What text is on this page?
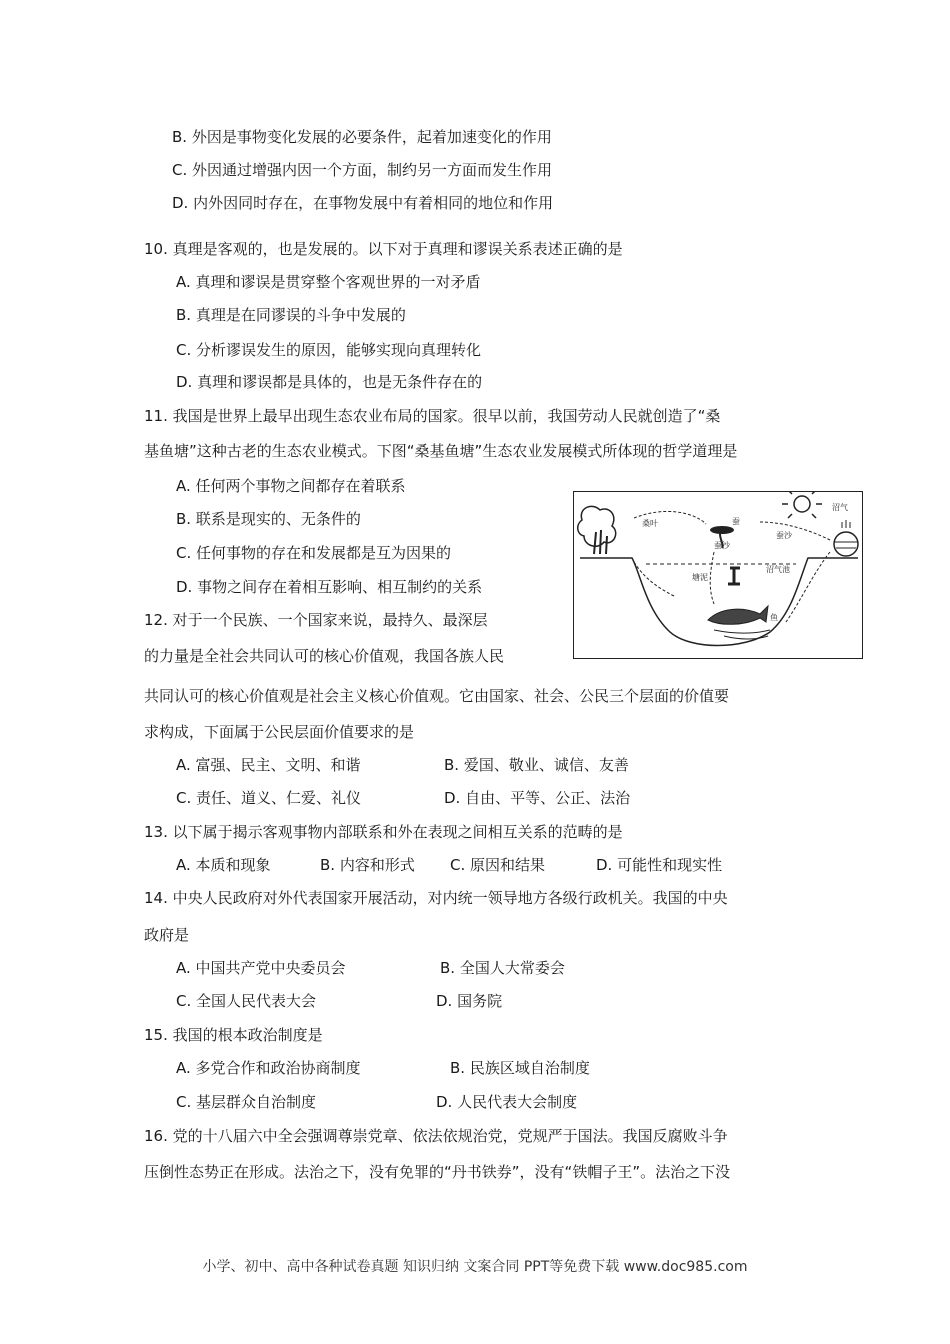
B. 外因是事物变化发展的必要条件，起着加速变化的作用
C. 外因通过增强内因一个方面，制约另一方面而发生作用
D. 内外因同时存在，在事物发展中有着相同的地位和作用
10. 真理是客观的，也是发展的。以下对于真理和谬误关系表述正确的是
A. 真理和谬误是贯穿整个客观世界的一对矛盾
B. 真理是在同谬误的斗争中发展的
C. 分析谬误发生的原因，能够实现向真理转化
D. 真理和谬误都是具体的，也是无条件存在的
11. 我国是世界上最早出现生态农业布局的国家。很早以前，我国劳动人民就创造了“桑
基鱼塘”这种古老的生态农业模式。下图“桑基鱼塘”生态农业发展模式所体现的哲学道理是
A. 任何两个事物之间都存在着联系
B. 联系是现实的、无条件的
C. 任何事物的存在和发展都是互为因果的
D. 事物之间存在着相互影响、相互制约的关系
桑叶	蚕
蚕沙
蚕沙
沼气
沼气池
塘泥
鱼
12. 对于一个民族、一个国家来说，最持久、最深层
的力量是全社会共同认可的核心价值观，我国各族人民
共同认可的核心价值观是社会主义核心价值观。它由国家、社会、公民三个层面的价值要
求构成，下面属于公民层面价值要求的是
A. 富强、民主、文明、和谐	B. 爱国、敬业、诚信、友善
C. 责任、道义、仁爱、礼仪	D. 自由、平等、公正、法治
13. 以下属于揭示客观事物内部联系和外在表现之间相互关系的范畴的是
A. 本质和现象	B. 内容和形式 C. 原因和结果	D. 可能性和现实性
14. 中央人民政府对外代表国家开展活动，对内统一领导地方各级行政机关。我国的中央
政府是
A. 中国共产党中央委员会	B. 全国人大常委会
C. 全国人民代表大会	D. 国务院
15. 我国的根本政治制度是
A. 多党合作和政治协商制度	B. 民族区域自治制度
C. 基层群众自治制度	D. 人民代表大会制度
16. 党的十八届六中全会强调尊崇党章、依法依规治党，党规严于国法。我国反腐败斗争
压倒性态势正在形成。法治之下，没有免罪的“丹书铁券”，没有“铁帽子王”。法治之下没
小学、初中、高中各种试卷真题 知识归纳 文案合同 PPT等免费下载 www.doc985.com
